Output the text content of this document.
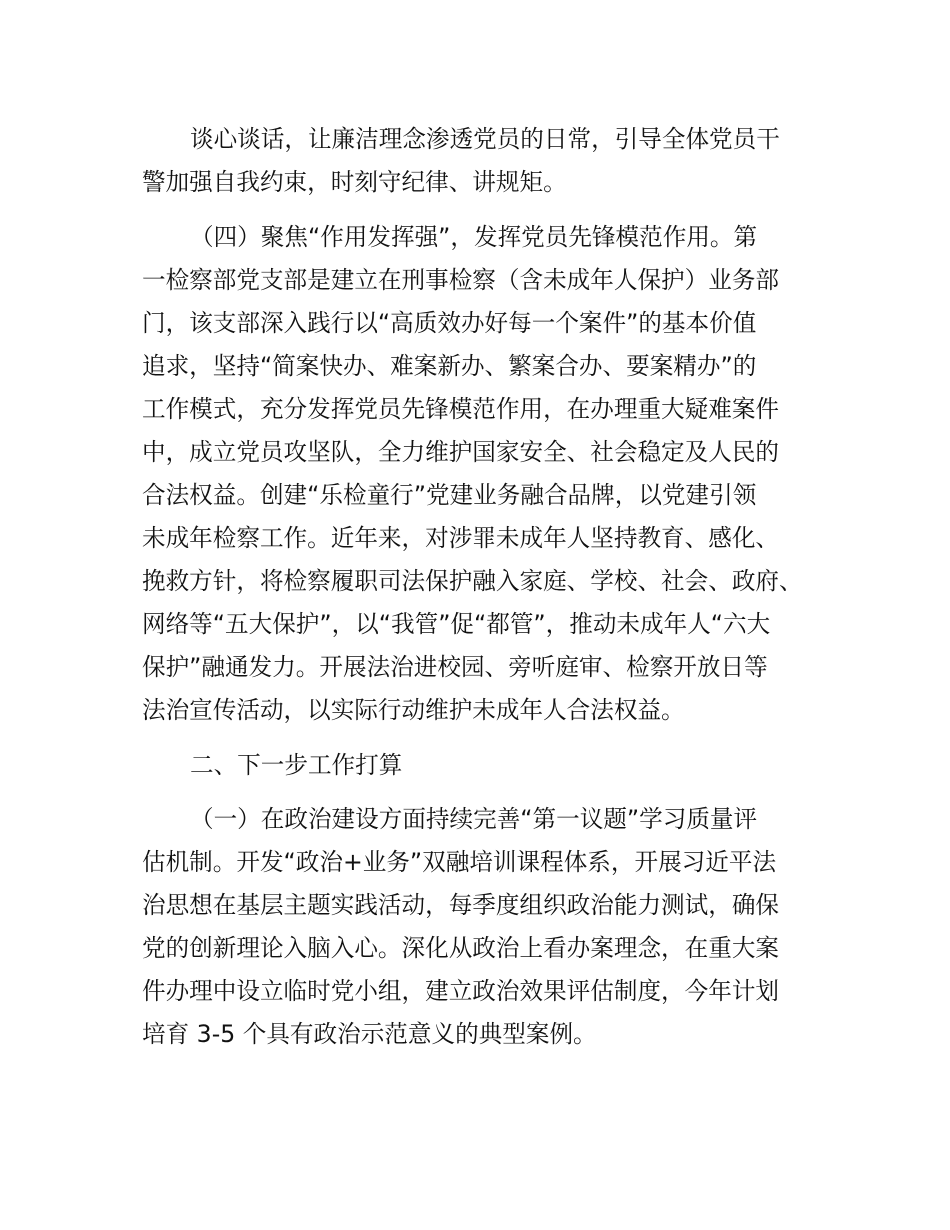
谈心谈话，让廉洁理念渗透党员的日常，引导全体党员干
警加强自我约束，时刻守纪律、讲规矩。
（四）聚焦“作用发挥强”，发挥党员先锋模范作用。第
一检察部党支部是建立在刑事检察（含未成年人保护）业务部
门，该支部深入践行以“高质效办好每一个案件”的基本价值
追求，坚持“简案快办、难案新办、繁案合办、要案精办”的
工作模式，充分发挥党员先锋模范作用，在办理重大疑难案件
中，成立党员攻坚队，全力维护国家安全、社会稳定及人民的
合法权益。创建“乐检童行”党建业务融合品牌，以党建引领
未成年检察工作。近年来，对涉罪未成年人坚持教育、感化、
挽救方针，将检察履职司法保护融入家庭、学校、社会、政府、
网络等“五大保护”，以“我管”促“都管”，推动未成年人“六大
保护”融通发力。开展法治进校园、旁听庭审、检察开放日等
法治宣传活动，以实际行动维护未成年人合法权益。
二、下一步工作打算
（一）在政治建设方面持续完善“第一议题”学习质量评
估机制。开发“政治+业务”双融培训课程体系，开展习近平法
治思想在基层主题实践活动，每季度组织政治能力测试，确保
党的创新理论入脑入心。深化从政治上看办案理念，在重大案
件办理中设立临时党小组，建立政治效果评估制度，今年计划
培育 3-5 个具有政治示范意义的典型案例。
